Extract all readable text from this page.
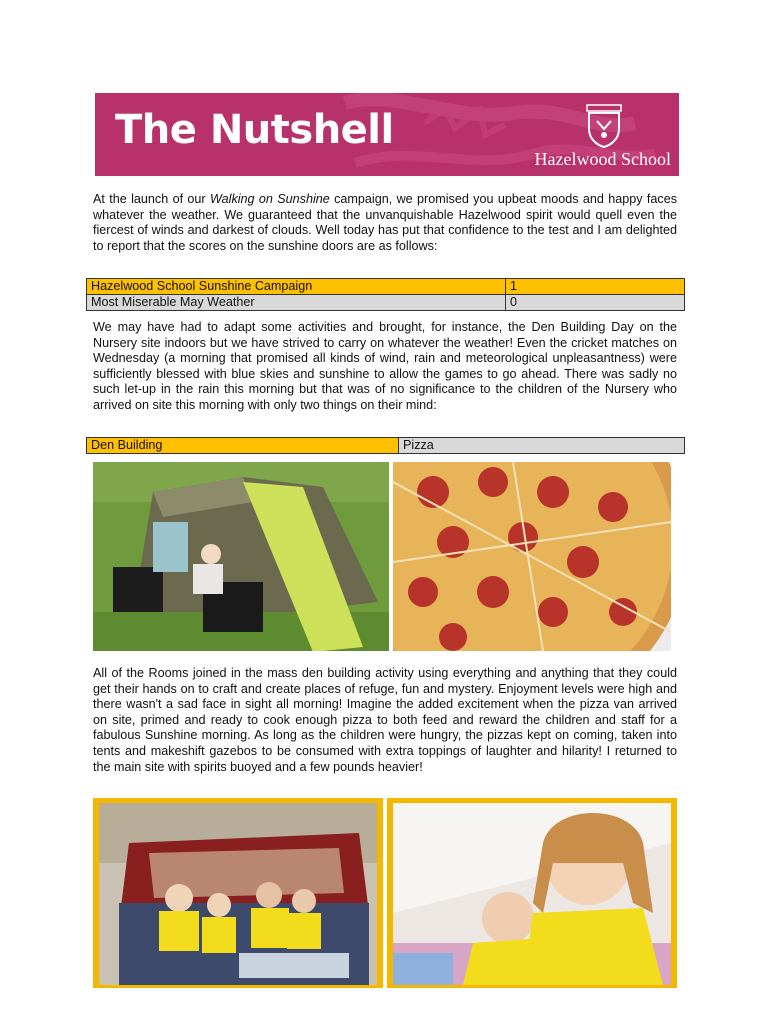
The Nutshell
Hazelwood School

At the launch of our Walking on Sunshine campaign, we promised you upbeat moods and happy faces whatever the weather. We guaranteed that the unvanquishable Hazelwood spirit would quell even the fiercest of winds and darkest of clouds. Well today has put that confidence to the test and I am delighted to report that the scores on the sunshine doors are as follows:

Hazelwood School Sunshine Campaign	1
Most Miserable May Weather	0

We may have had to adapt some activities and brought, for instance, the Den Building Day on the Nursery site indoors but we have strived to carry on whatever the weather! Even the cricket matches on Wednesday (a morning that promised all kinds of wind, rain and meteorological unpleasantness) were sufficiently blessed with blue skies and sunshine to allow the games to go ahead. There was sadly no such let-up in the rain this morning but that was of no significance to the children of the Nursery who arrived on site this morning with only two things on their mind:

Den Building	Pizza

All of the Rooms joined in the mass den building activity using everything and anything that they could get their hands on to craft and create places of refuge, fun and mystery. Enjoyment levels were high and there wasn't a sad face in sight all morning! Imagine the added excitement when the pizza van arrived on site, primed and ready to cook enough pizza to both feed and reward the children and staff for a fabulous Sunshine morning. As long as the children were hungry, the pizzas kept on coming, taken into tents and makeshift gazebos to be consumed with extra toppings of laughter and hilarity! I returned to the main site with spirits buoyed and a few pounds heavier!
